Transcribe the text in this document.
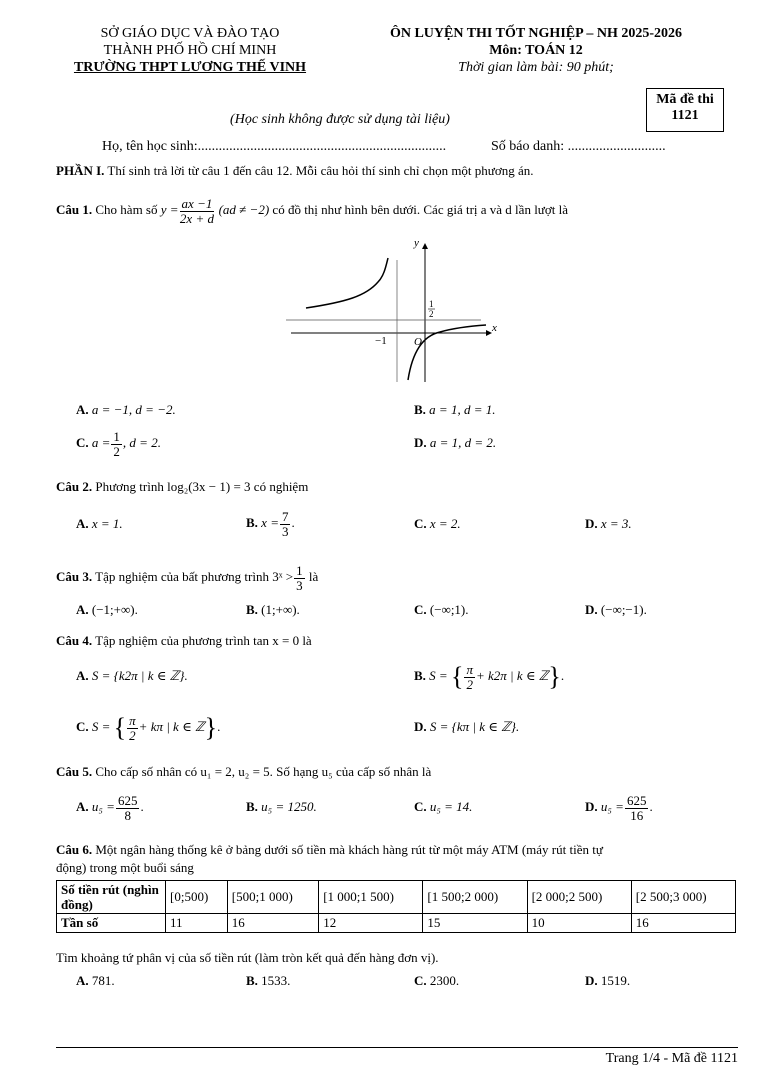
SỞ GIÁO DỤC VÀ ĐÀO TẠO
THÀNH PHỐ HỒ CHÍ MINH
TRƯỜNG THPT LƯƠNG THẾ VINH
ÔN LUYỆN THI TỐT NGHIỆP – NH 2025-2026
Môn: TOÁN 12
Thời gian làm bài: 90 phút;
Mã đề thi
1121
(Học sinh không được sử dụng tài liệu)
Họ, tên học sinh:.......................................................................	Số báo danh: ............................
PHẦN I. Thí sinh trả lời từ câu 1 đến câu 12. Mỗi câu hỏi thí sinh chỉ chọn một phương án.
Câu 1. Cho hàm số $y = \frac{ax -1}{2x + d} (ad \ne -2)$ có đồ thị như hình bên dưới. Các giá trị a và d lần lượt là
y
x
1
2
−1 O
A. a = −1, d = −2.	B. a = 1, d = 1.
C. $a = \frac{1}{2}$ , d = 2.	D. a = 1, d = 2.
Câu 2. Phương trình log₂(3x − 1) = 3 có nghiệm
A. x = 1.	B. $x = \frac{7}{3}$ .	C. x = 2.	D. x = 3.
Câu 3. Tập nghiệm của bất phương trình 3ˣ > $\frac{1}{3}$ là
A. (−1;+∞).	B. (1;+∞).	C. (−∞;1).	D. (−∞;−1).
Câu 4. Tập nghiệm của phương trình tan x = 0 là
A. S = {k2π | k ∈ ℤ}.	B. S = { $\frac{\pi}{2} + k2\pi$ | k ∈ ℤ}.
C. S = { $\frac{\pi}{2} + k\pi$ | k ∈ ℤ}.	D. S = {kπ | k ∈ ℤ}.
Câu 5. Cho cấp số nhân có u₁ = 2, u₂ = 5. Số hạng u₅ của cấp số nhân là
A. $u_5 = \frac{625}{8}$ .	B. u₅ = 1250.	C. u₅ = 14.	D. $u_5 = \frac{625}{16}$ .
Câu 6. Một ngân hàng thống kê ở bảng dưới số tiền mà khách hàng rút từ một máy ATM (máy rút tiền tự
động) trong một buổi sáng
Số tiền rút (nghìn đồng)	[0;500)	[500;1 000)	[1 000;1 500)	[1 500;2 000)	[2 000;2 500)	[2 500;3 000)
Tần số	11	16	12	15	10	16
Tìm khoảng tứ phân vị của số tiền rút (làm tròn kết quả đến hàng đơn vị).
A. 781.	B. 1533.	C. 2300.	D. 1519.
Trang 1/4 - Mã đề 1121
